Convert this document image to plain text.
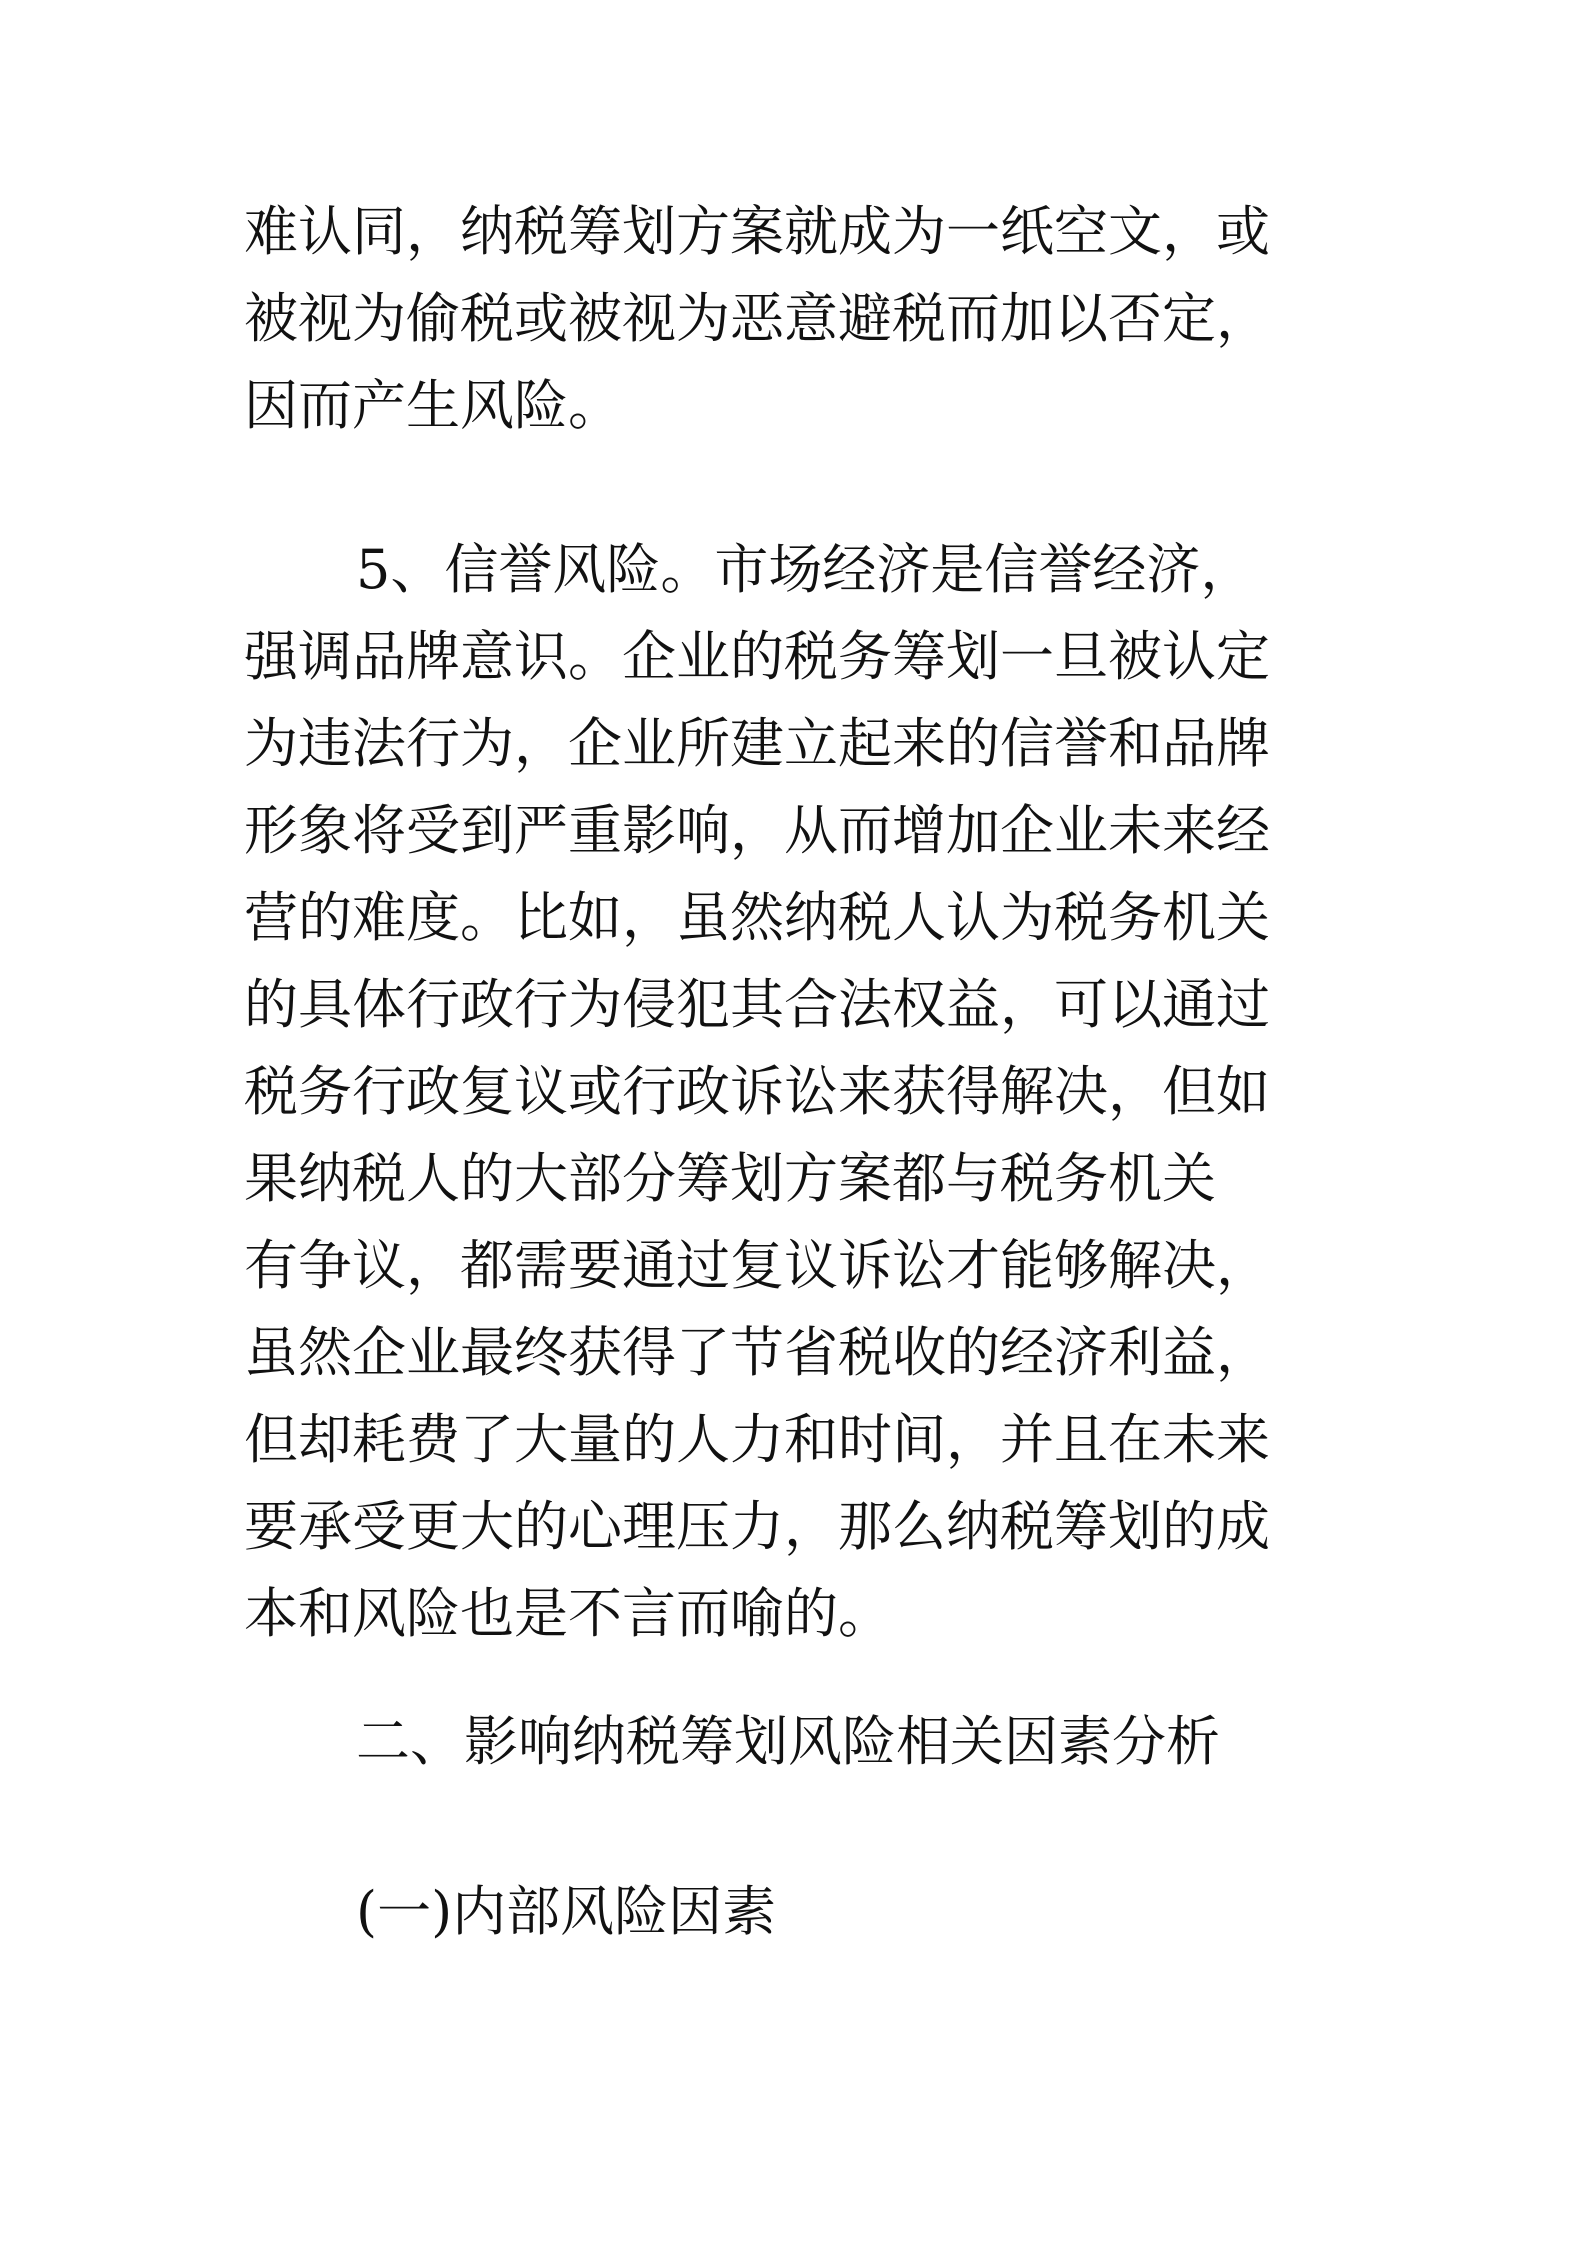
难认同，纳税筹划方案就成为一纸空文，或
被视为偷税或被视为恶意避税而加以否定，
因而产生风险。
5、信誉风险。市场经济是信誉经济，
强调品牌意识。企业的税务筹划一旦被认定
为违法行为，企业所建立起来的信誉和品牌
形象将受到严重影响，从而增加企业未来经
营的难度。比如，虽然纳税人认为税务机关
的具体行政行为侵犯其合法权益，可以通过
税务行政复议或行政诉讼来获得解决，但如
果纳税人的大部分筹划方案都与税务机关
有争议，都需要通过复议诉讼才能够解决，
虽然企业最终获得了节省税收的经济利益，
但却耗费了大量的人力和时间，并且在未来
要承受更大的心理压力，那么纳税筹划的成
本和风险也是不言而喻的。
二、影响纳税筹划风险相关因素分析
(一)内部风险因素
